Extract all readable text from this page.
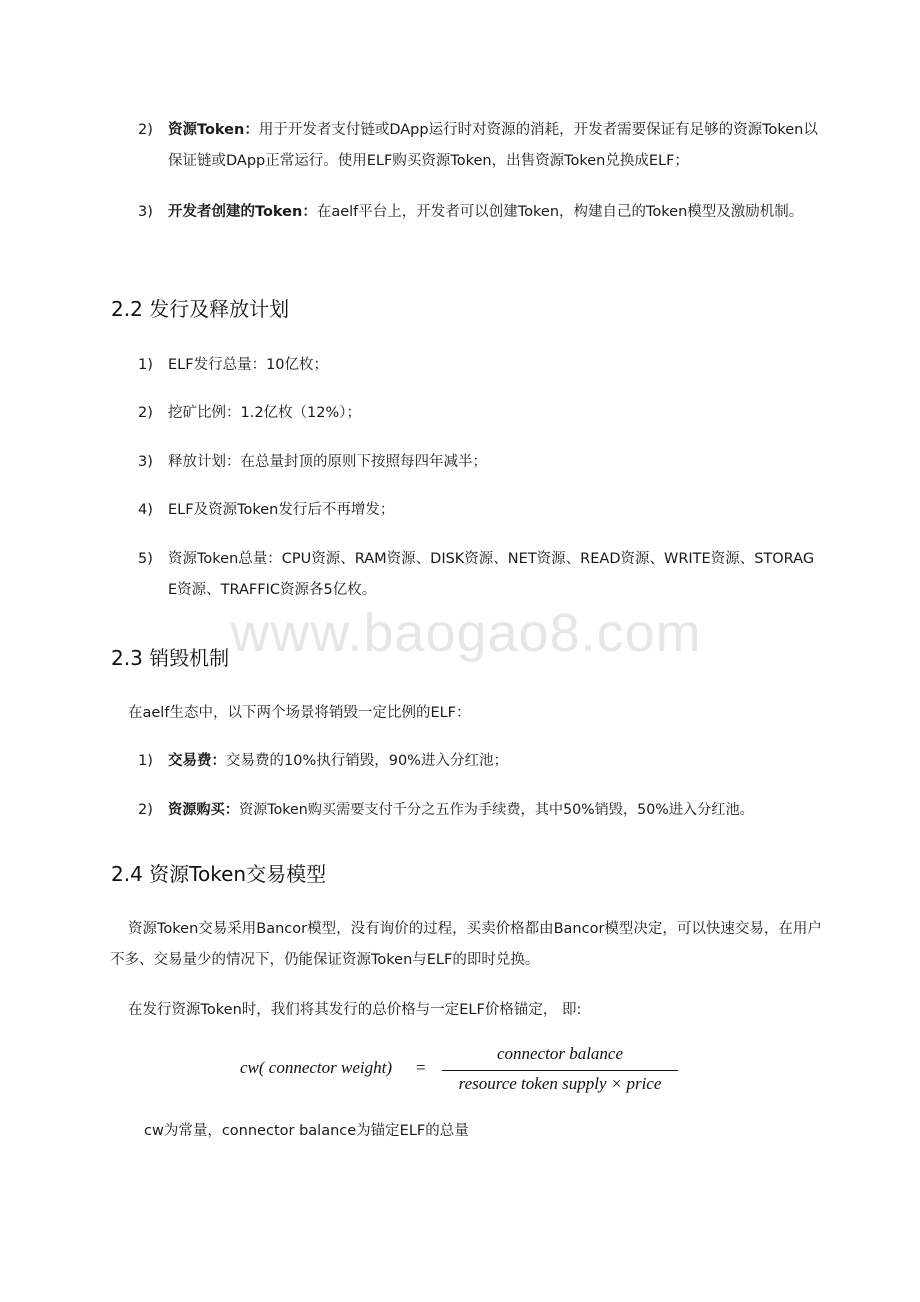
2)	资源Token：用于开发者支付链或DApp运行时对资源的消耗，开发者需要保证有足够的资源Token以保证链或DApp正常运行。使用ELF购买资源Token，出售资源Token兑换成ELF；
3)	开发者创建的Token：在aelf平台上，开发者可以创建Token，构建自己的Token模型及激励机制。
2.2 发行及释放计划
1)	ELF发行总量：10亿枚；
2)	挖矿比例：1.2亿枚（12%）；
3)	释放计划：在总量封顶的原则下按照每四年减半；
4)	ELF及资源Token发行后不再增发；
5)	资源Token总量：CPU资源、RAM资源、DISK资源、NET资源、READ资源、WRITE资源、STORAGE资源、TRAFFIC资源各5亿枚。
www.baogao8.com
2.3 销毁机制
在aelf生态中，以下两个场景将销毁一定比例的ELF：
1)	交易费：交易费的10%执行销毁，90%进入分红池；
2)	资源购买：资源Token购买需要支付千分之五作为手续费，其中50%销毁，50%进入分红池。
2.4 资源Token交易模型
资源Token交易采用Bancor模型，没有询价的过程，买卖价格都由Bancor模型决定，可以快速交易，在用户不多、交易量少的情况下，仍能保证资源Token与ELF的即时兑换。
在发行资源Token时，我们将其发行的总价格与一定ELF价格锚定， 即:
cw( connector weight) =
connector balance
resource token supply × price
cw为常量，connector balance为锚定ELF的总量
